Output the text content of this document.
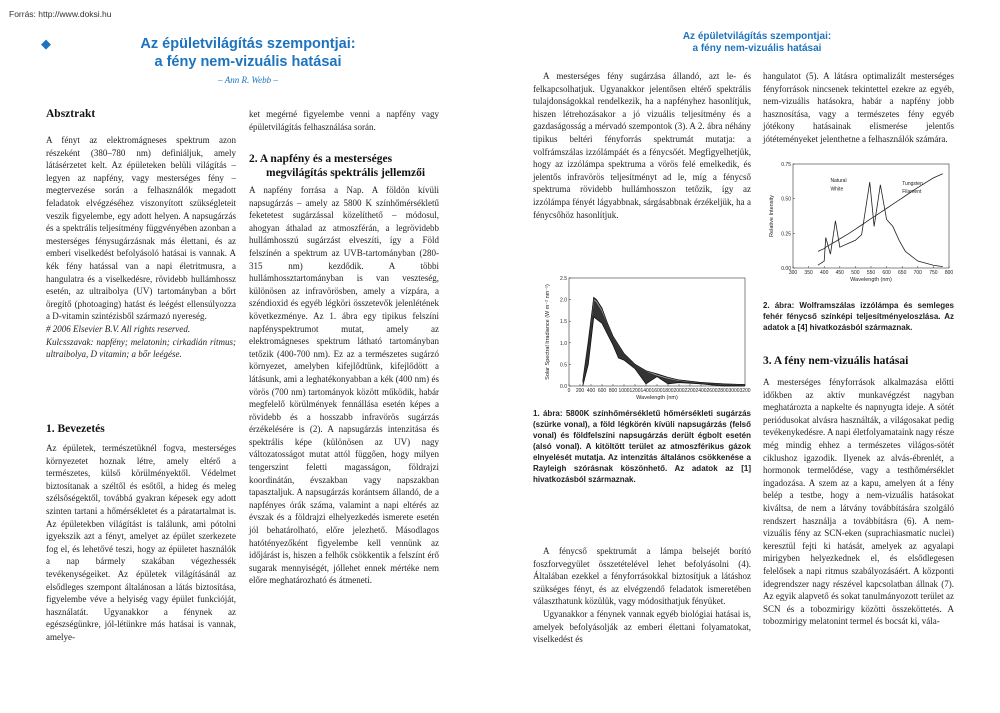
Forrás: http://www.doksi.hu
◆	Az épületvilágítás szempontjai:
a fény nem-vizuális hatásai
– Ann R. Webb –
Absztrakt

A fényt az elektromágneses spektrum azon részeként (380–780 nm) definiáljuk, amely látásérzetet kelt. Az épületeken belüli világítás – legyen az napfény, vagy mesterséges fény – megtervezése során a felhasználók megadott feladatok elvégzéséhez viszonyított szükségleteit veszik figyelembe, egy adott helyen. A napsugárzás és a spektrális teljesítmény függvényében azonban a mesterséges fénysugárzásnak más élettani, és az emberi viselkedést befolyásoló hatásai is vannak. A kék fény hatással van a napi életritmusra, a hangulatra és a viselkedésre, rövidebb hullámhossz esetén, az ultraibolya (UV) tartományban a bőrt öregítő (photoaging) hatást és leégést ellensúlyozza a D-vitamin szintézisből származó nyereség.

# 2006 Elsevier B.V. All rights reserved.

Kulcsszavak: napfény; melatonin; cirkadián ritmus; ultraibolya, D vitamin; a bőr leégése.

1. Bevezetés

Az épületek, természetüknél fogva, mesterséges környezetet hoznak létre, amely eltérő a természetes, külső körülményektől. Védelmet biztosítanak a széltől és esőtől, a hideg és meleg szélsőségektől, továbbá gyakran képesek egy adott szinten tartani a hőmérsékletet és a páratartalmat is. Az épületekben világítást is találunk, ami pótolni igyekszik azt a fényt, amelyet az épület szerkezete fog el, és lehetővé teszi, hogy az épületet használók a nap bármely szakában végezhessék tevékenységeiket. Az épületek világításánál az elsődleges szempont általánosan a látás biztosítása, figyelembe véve a helyiség vagy épület funkcióját, használatát. Ugyanakkor a fénynek az egészségünkre, jól-létünkre más hatásai is vannak, amelye-

ket megérné figyelembe venni a napfény vagy épületvilágítás felhasználása során.

2. A napfény és a mesterséges
megvilágítás spektrális jellemzői

A napfény forrása a Nap. A földön kívüli napsugárzás – amely az 5800 K színhőmérsékletű feketetest sugárzással közelíthető – módosul, ahogyan áthalad az atmoszférán, a legrövidebb hullámhosszú sugárzást elveszíti, így a Föld felszínén a spektrum az UVB-tartományban (280-315 nm) kezdődik. A többi hullámhossztartományban is van veszteség, különösen az infravörösben, amely a vízpára, a széndioxid és egyéb légköri összetevők jelenlétének következménye. Az 1. ábra egy tipikus felszíni napfényspektrumot mutat, amely az elektromágneses spektrum látható tartományban tetőzik (400-700 nm). Ez az a természetes sugárzó környezet, amelyben kifejlődtünk, kifejlődött a látásunk, ami a leghatékonyabban a kék (400 nm) és vörös (700 nm) tartományok között működik, habár megfelelő körülmények fennállása esetén képes a rövidebb és a hosszabb infravörös sugárzás érzékelésére is (2). A napsugárzás intenzitása és spektrális képe (különösen az UV) nagy változatosságot mutat attól függően, hogy milyen tengerszint feletti magasságon, földrajzi koordinátán, évszakban vagy napszakban tapasztaljuk. A napsugárzás korántsem állandó, de a napfényes órák száma, valamint a napi eltérés az évszak és a földrajzi elhelyezkedés ismerete esetén jól behatárolható, előre jelezhető. Másodlagos hatótényezőként figyelembe kell vennünk az időjárást is, hiszen a felhők csökkentik a felszínt érő sugarak mennyiségét, jóllehet ennek mértéke nem előre meghatározható és átmeneti.

Az épületvilágítás szempontjai:
a fény nem-vizuális hatásai

A mesterséges fény sugárzása állandó, azt le- és felkapcsolhatjuk. Ugyanakkor jelentősen eltérő spektrális tulajdonságokkal rendelkezik, ha a napfényhez hasonlítjuk, hiszen létrehozásakor a jó vizuális teljesítmény és a gazdaságosság a mérvadó szempontok (3). A 2. ábra néhány tipikus beltéri fényforrás spektrumát mutatja: a volfrámszálas izzólámpáét és a fénycsőét. Megfigyelhetjük, hogy az izzólámpa spektruma a vörös felé emelkedik, és jelentős infravörös teljesítményt ad le, míg a fénycső spektruma rövidebb hullámhosszon tetőzik, így az izzólámpa fényét lágyabbnak, sárgásabbnak érzékeljük, ha a fénycsőhöz hasonlítjuk.

0 200 400 600 800 1000 1200 1400 1600 1800 2000 2200 2400 2600 2800 3000 3200
0.0
0.5
1.0
1.5
2.0
2.5
Wavelength (nm)
Solar Spectral Irradiance (W m⁻² nm⁻¹)
1. ábra: 5800K színhőmérsékletű hőmérsékleti sugárzás (szürke vonal), a föld légkörén kívüli napsugárzás (felső vonal) és földfelszíni napsugárzás derült égbolt esetén (alsó vonal). A kitöltött terület az atmoszférikus gázok elnyelését mutatja. Az intenzitás általános csökkenése a Rayleigh szórásnak köszönhető. Az adatok az [1] hivatkozásból származnak.

A fénycső spektrumát a lámpa belsejét borító foszforvegyület összetételével lehet befolyásolni (4). Általában ezekkel a fényforrásokkal biztosítjuk a látáshoz szükséges fényt, és az elvégzendő feladatok ismeretében választhatunk közülük, vagy módosíthatjuk fényüket.

Ugyanakkor a fénynek vannak egyéb biológiai hatásai is, amelyek befolyásolják az emberi élettani folyamatokat, viselkedést és

hangulatot (5). A látásra optimalizált mesterséges fényforrások nincsenek tekintettel ezekre az egyéb, nem-vizuális hatásokra, habár a napfény jobb hasznosítása, vagy a természetes fény egyéb jótékony hatásainak elismerése jelentős jótéteményeket jelenthetne a felhasználók számára.

300 350 400 450 500 550 600 650 700 750 800
0.00
0.25
0.50
0.75
Wavelength (nm)
Relative Intensity
Natural
White
Tungsten
Filament
2. ábra: Wolframszálas izzólámpa és semleges fehér fénycső színképi teljesítményeloszlása. Az adatok a [4] hivatkozásból származnak.
3. A fény nem-vizuális hatásai

A mesterséges fényforrások alkalmazása előtti időkben az aktív munkavégzést nagyban meghatározta a napkelte és napnyugta ideje. A sötét periódusokat alvásra használták, a világosakat pedig tevékenykedésre. A napi életfolyamataink nagy része még mindig ehhez a természetes világos-sötét ciklushoz igazodik. Ilyenek az alvás-ébrenlét, a hormonok termelődése, vagy a testhőmérséklet ingadozása. A szem az a kapu, amelyen át a fény belép a testbe, hogy a nem-vizuális hatásokat kiváltsa, de nem a látvány továbbítására szolgáló rendszert használja a továbbításra (6). A nem-vizuális fény az SCN-eken (suprachiasmatic nuclei) keresztül fejti ki hatását, amelyek az agyalapi mirigyben helyezkednek el, és elsődlegesen felelősek a napi ritmus szabályozásáért. A központi idegrendszer nagy részével kapcsolatban állnak (7). Az egyik alapvető és sokat tanulmányozott terület az SCN és a tobozmirigy közötti összeköttetés. A tobozmirigy melatonint termel és bocsát ki, vála-
